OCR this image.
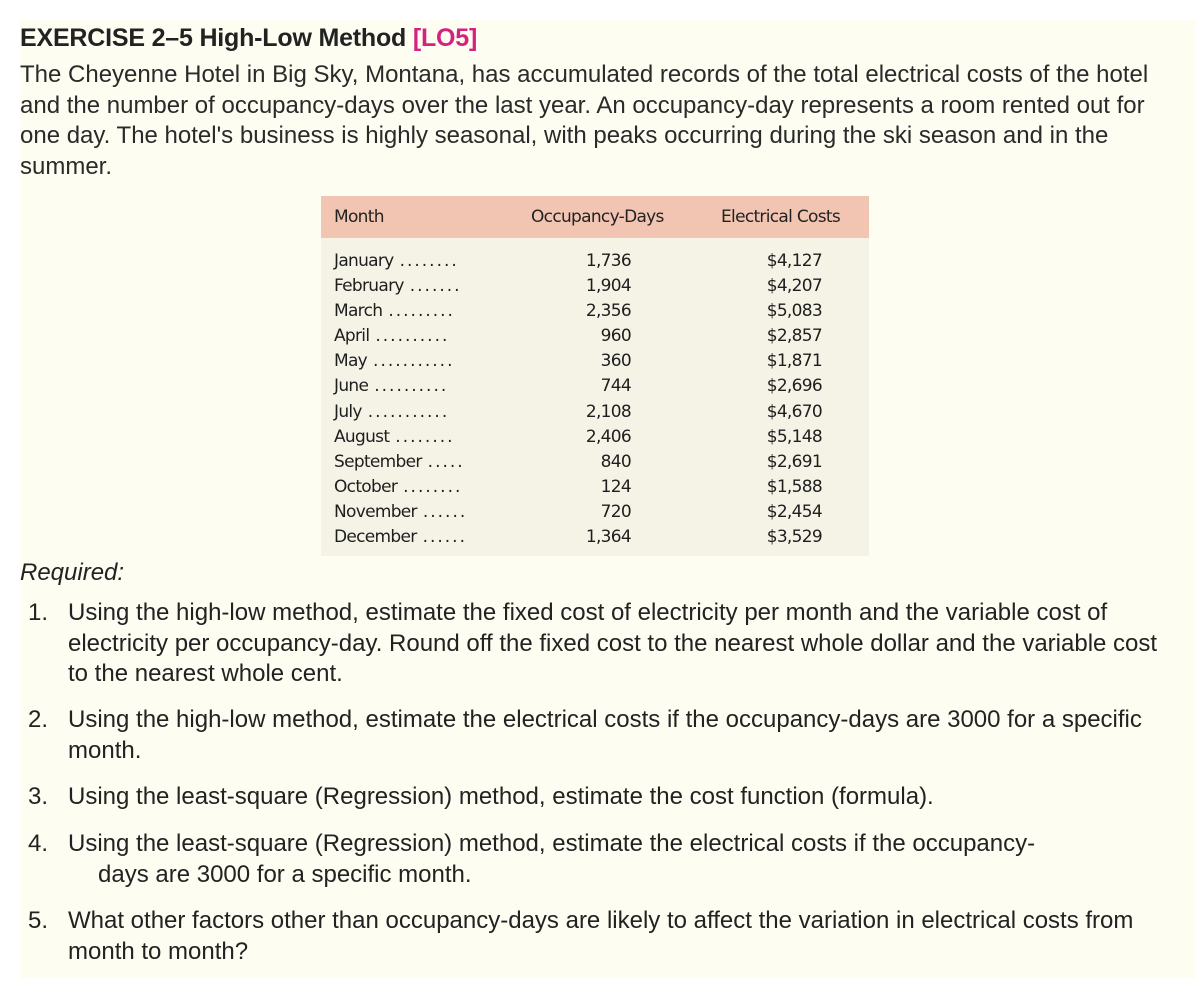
EXERCISE 2–5 High-Low Method [LO5]
The Cheyenne Hotel in Big Sky, Montana, has accumulated records of the total electrical costs of the hotel and the number of occupancy-days over the last year. An occupancy-day represents a room rented out for one day. The hotel's business is highly seasonal, with peaks occurring during the ski season and in the summer.
Month	Occupancy-Days	Electrical Costs
January ........	1,736	$4,127
February .......	1,904	$4,207
March .........	2,356	$5,083
April ..........	960	$2,857
May ...........	360	$1,871
June ..........	744	$2,696
July ...........	2,108	$4,670
August ........	2,406	$5,148
September .....	840	$2,691
October ........	124	$1,588
November ......	720	$2,454
December ......	1,364	$3,529
Required:
1. Using the high-low method, estimate the fixed cost of electricity per month and the variable cost of electricity per occupancy-day. Round off the fixed cost to the nearest whole dollar and the variable cost to the nearest whole cent.
2. Using the high-low method, estimate the electrical costs if the occupancy-days are 3000 for a specific month.
3. Using the least-square (Regression) method, estimate the cost function (formula).
4. Using the least-square (Regression) method, estimate the electrical costs if the occupancy-
days are 3000 for a specific month.
5. What other factors other than occupancy-days are likely to affect the variation in electrical costs from month to month?
